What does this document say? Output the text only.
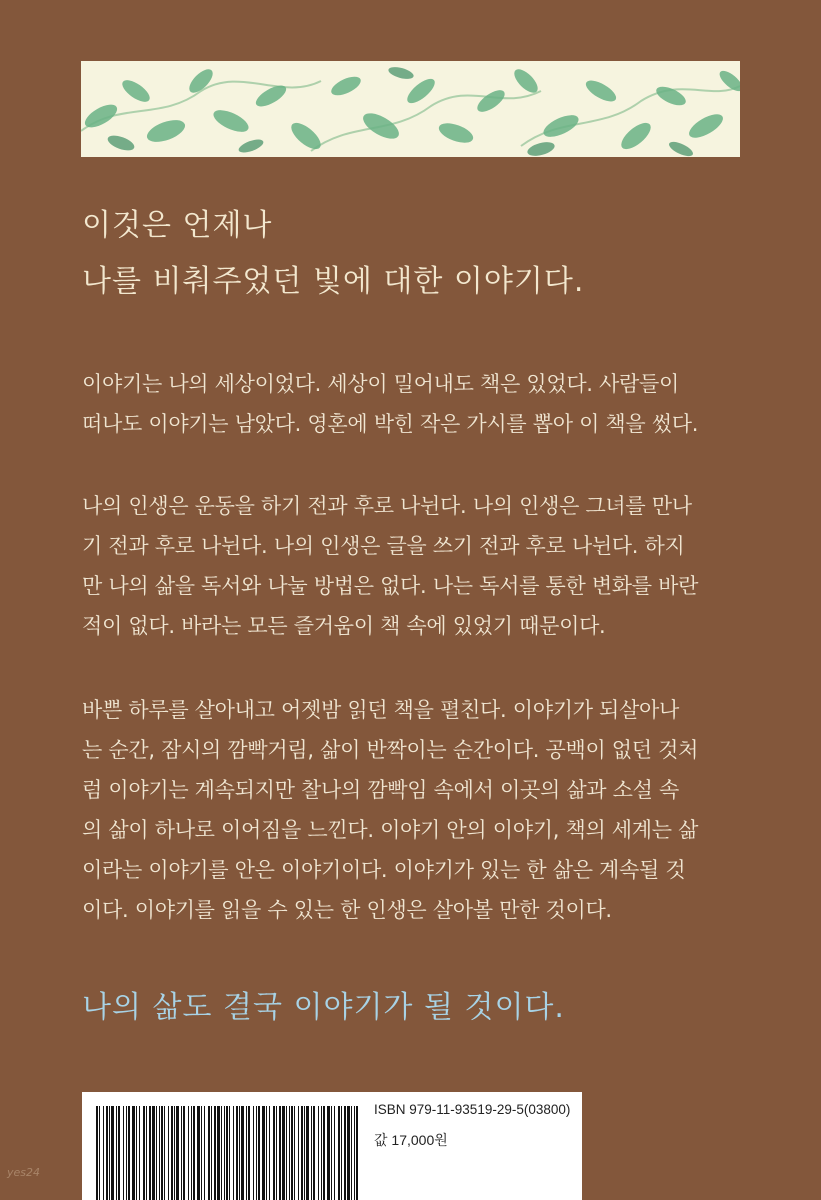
이것은 언제나
나를 비춰주었던 빛에 대한 이야기다.
이야기는 나의 세상이었다. 세상이 밀어내도 책은 있었다. 사람들이
떠나도 이야기는 남았다. 영혼에 박힌 작은 가시를 뽑아 이 책을 썼다.
나의 인생은 운동을 하기 전과 후로 나뉜다. 나의 인생은 그녀를 만나
기 전과 후로 나뉜다. 나의 인생은 글을 쓰기 전과 후로 나뉜다. 하지
만 나의 삶을 독서와 나눌 방법은 없다. 나는 독서를 통한 변화를 바란
적이 없다. 바라는 모든 즐거움이 책 속에 있었기 때문이다.
바쁜 하루를 살아내고 어젯밤 읽던 책을 펼친다. 이야기가 되살아나
는 순간, 잠시의 깜빡거림, 삶이 반짝이는 순간이다. 공백이 없던 것처
럼 이야기는 계속되지만 찰나의 깜빡임 속에서 이곳의 삶과 소설 속
의 삶이 하나로 이어짐을 느낀다. 이야기 안의 이야기, 책의 세계는 삶
이라는 이야기를 안은 이야기이다. 이야기가 있는 한 삶은 계속될 것
이다. 이야기를 읽을 수 있는 한 인생은 살아볼 만한 것이다.
나의 삶도 결국 이야기가 될 것이다.
ISBN 979-11-93519-29-5(03800)
값 17,000원
yes24
